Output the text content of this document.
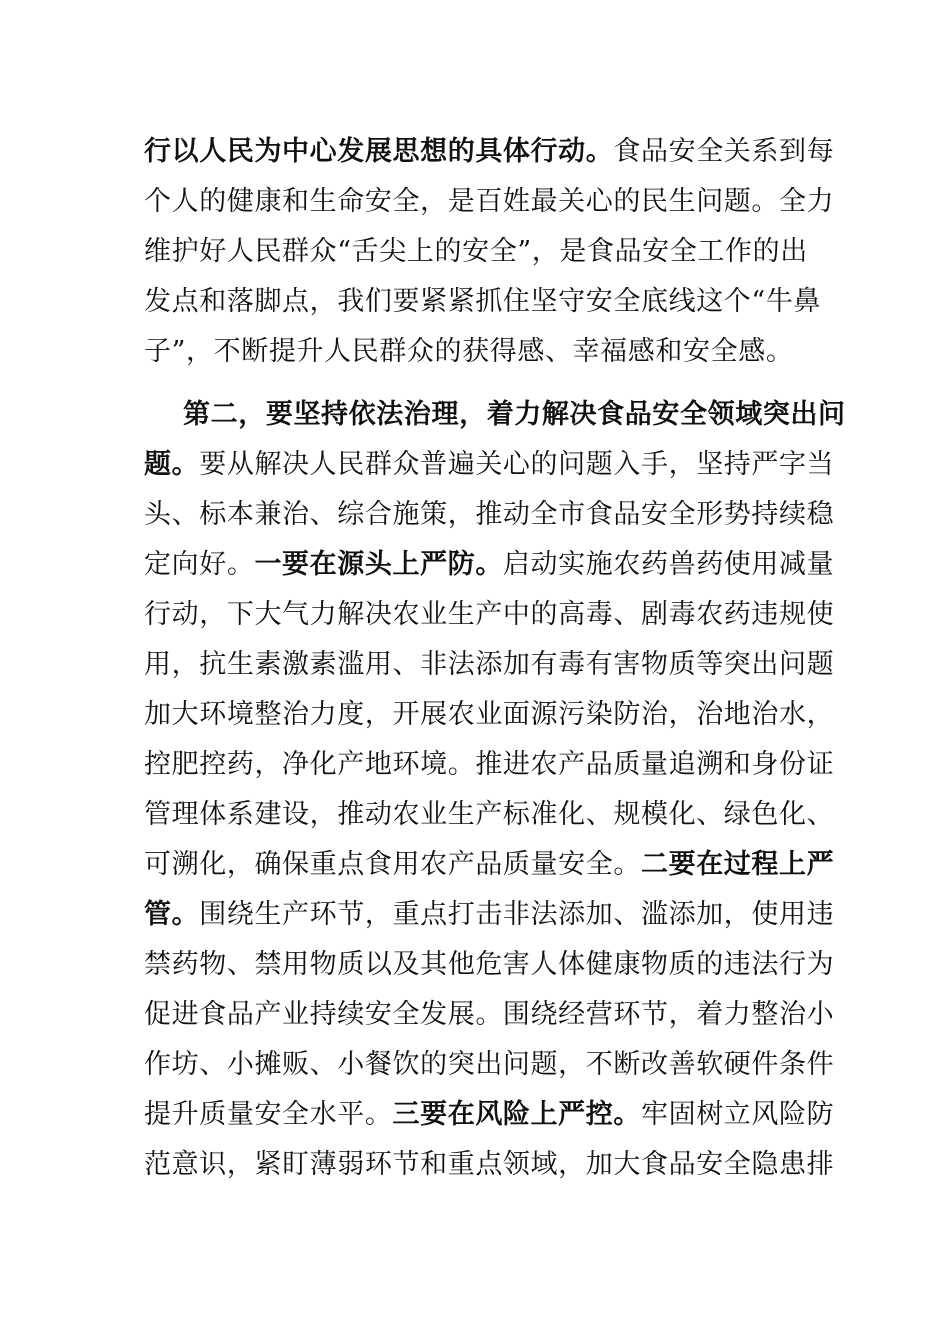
行 以 人 民 为 中 心 发 展 思 想 的 具 体 行 动 。 食 品 安 全 关 系 到 每
个 人 的 健 康 和 生 命 安 全 ， 是 百 姓 最 关 心 的 民 生 问 题 。 全 力
维 护 好 人 民 群 众 “ 舌 尖 上 的 安 全 ” ， 是 食 品 安 全 工 作 的 出
发 点 和 落 脚 点 ， 我 们 要 紧 紧 抓 住 坚 守 安 全 底 线 这 个 “ 牛 鼻
子 ” ， 不 断 提 升 人 民 群 众 的 获 得 感 、 幸 福 感 和 安 全 感 。
第 二 ， 要 坚 持 依 法 治 理 ， 着 力 解 决 食 品 安 全 领 域 突 出 问
题 。 要 从 解 决 人 民 群 众 普 遍 关 心 的 问 题 入 手 ， 坚 持 严 字 当
头 、 标 本 兼 治 、 综 合 施 策 ， 推 动 全 市 食 品 安 全 形 势 持 续 稳
定 向 好 。 一 要 在 源 头 上 严 防 。 启 动 实 施 农 药 兽 药 使 用 减 量
行 动 ， 下 大 气 力 解 决 农 业 生 产 中 的 高 毒 、 剧 毒 农 药 违 规 使
用 ， 抗 生 素 激 素 滥 用 、 非 法 添 加 有 毒 有 害 物 质 等 突 出 问 题
加 大 环 境 整 治 力 度 ， 开 展 农 业 面 源 污 染 防 治 ， 治 地 治 水 ，
控 肥 控 药 ， 净 化 产 地 环 境 。 推 进 农 产 品 质 量 追 溯 和 身 份 证
管 理 体 系 建 设 ， 推 动 农 业 生 产 标 准 化 、 规 模 化 、 绿 色 化 、
可 溯 化 ， 确 保 重 点 食 用 农 产 品 质 量 安 全 。 二 要 在 过 程 上 严
管 。 围 绕 生 产 环 节 ， 重 点 打 击 非 法 添 加 、 滥 添 加 ， 使 用 违
禁 药 物 、 禁 用 物 质 以 及 其 他 危 害 人 体 健 康 物 质 的 违 法 行 为
促 进 食 品 产 业 持 续 安 全 发 展 。 围 绕 经 营 环 节 ， 着 力 整 治 小
作 坊 、 小 摊 贩 、 小 餐 饮 的 突 出 问 题 ， 不 断 改 善 软 硬 件 条 件
提 升 质 量 安 全 水 平 。 三 要 在 风 险 上 严 控 。 牢 固 树 立 风 险 防
范 意 识 ， 紧 盯 薄 弱 环 节 和 重 点 领 域 ， 加 大 食 品 安 全 隐 患 排
